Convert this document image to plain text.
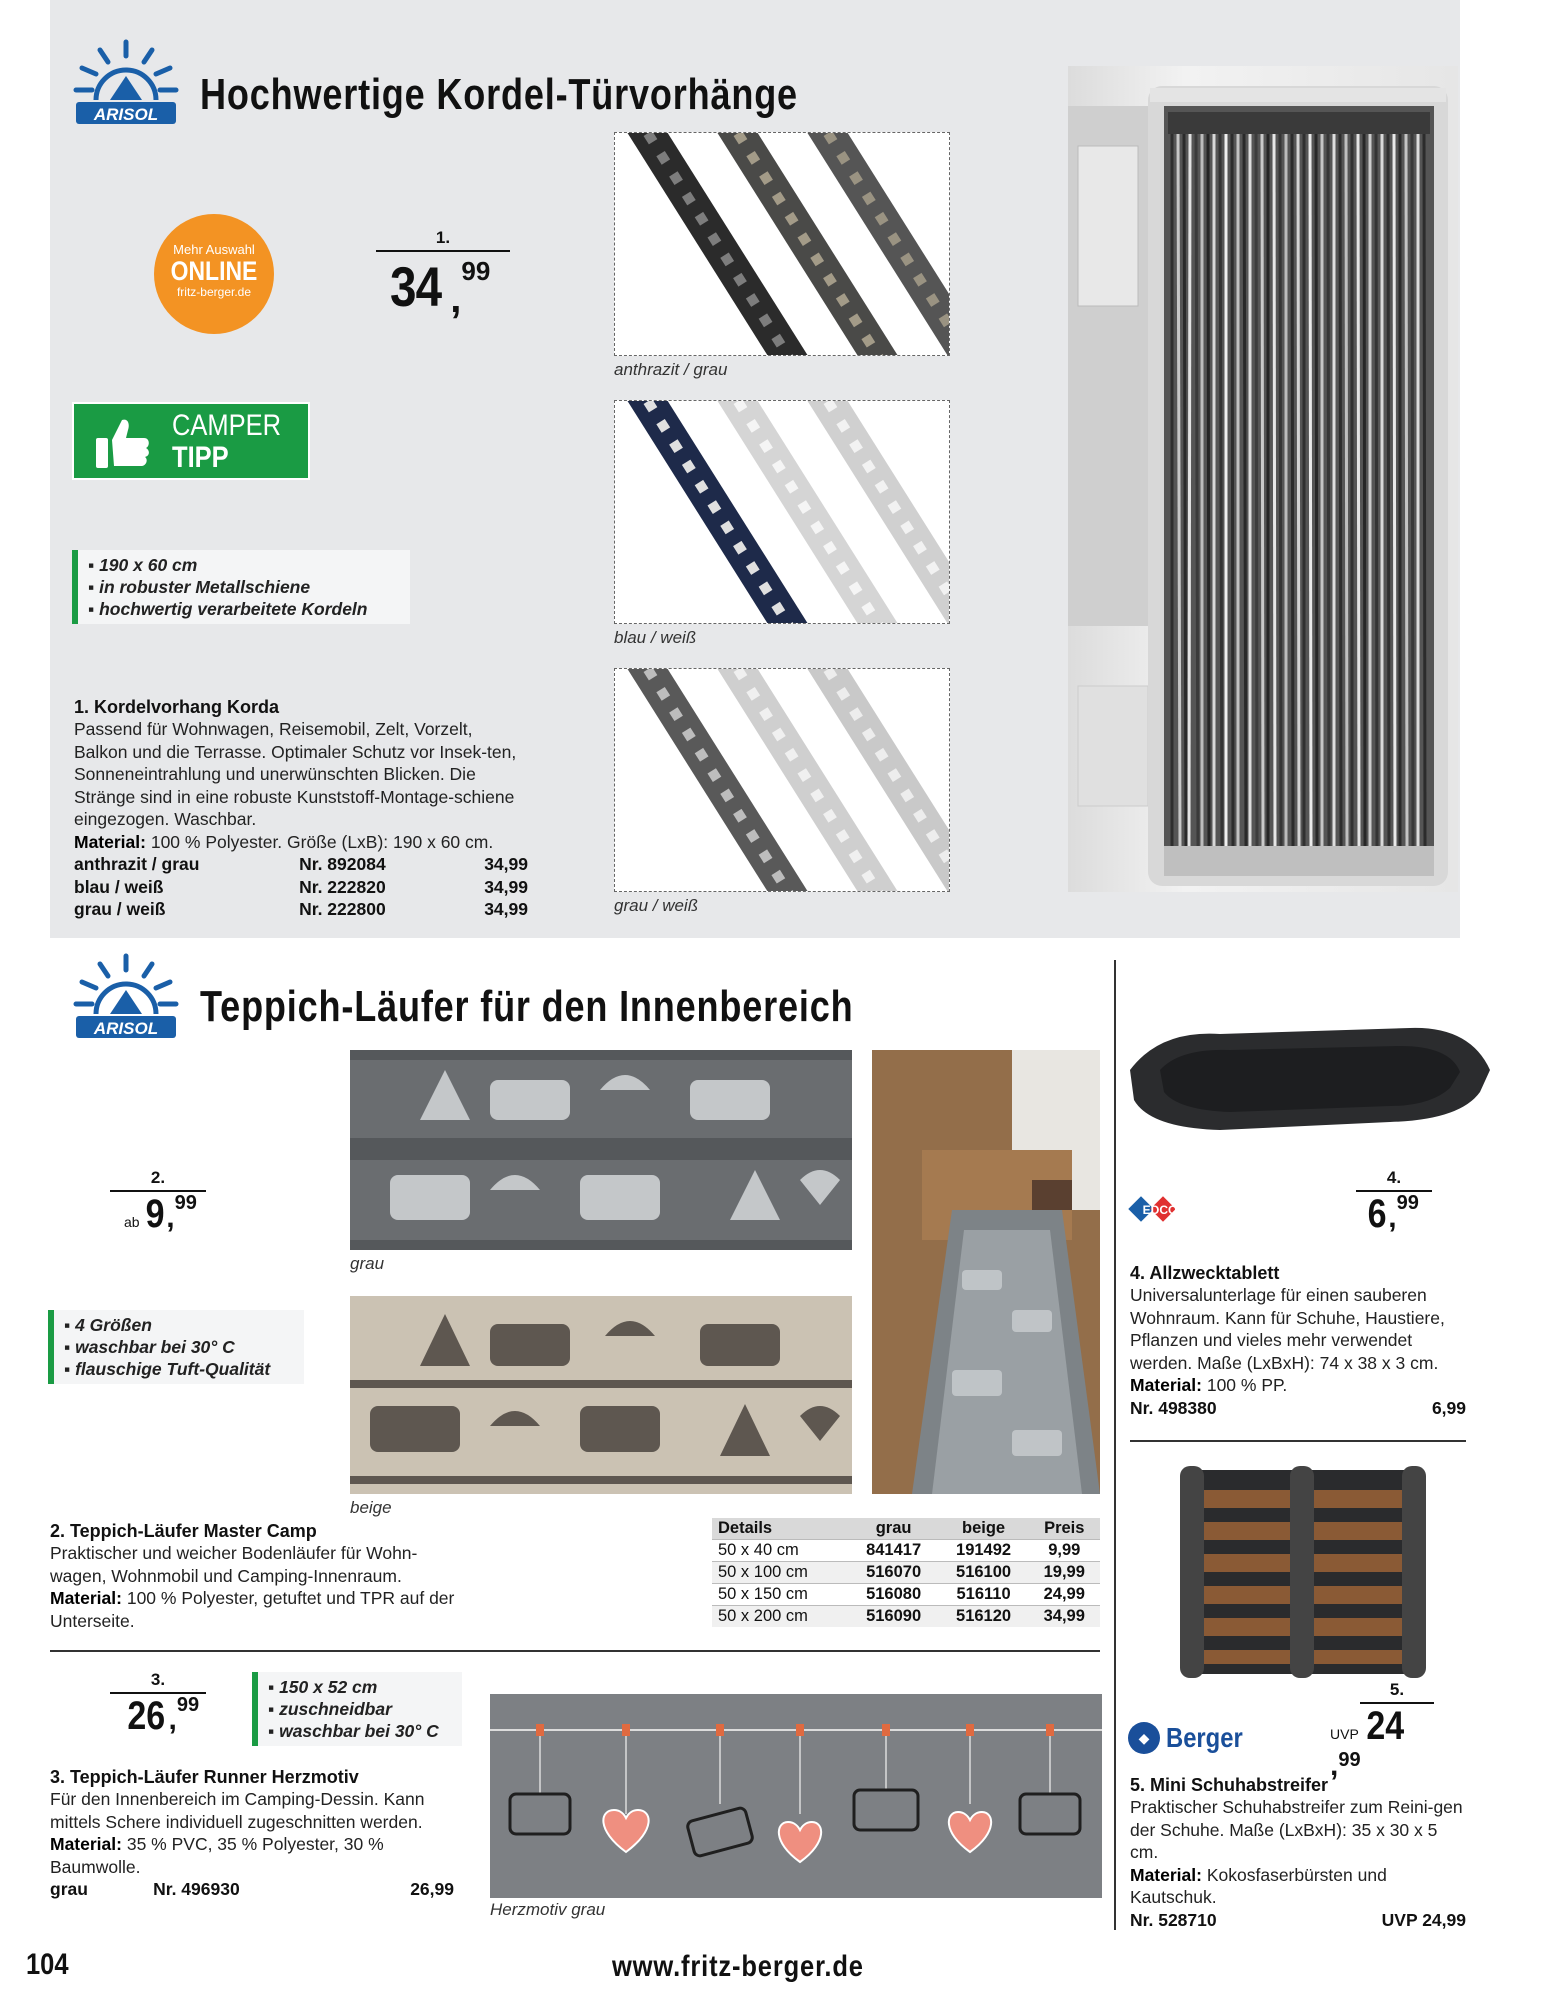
ARISOL Hochwertige Kordel-Türvorhänge
Mehr Auswahl
ONLINE
fritz-berger.de
1.
34 ,99
CAMPER
TIPP
▪ 190 x 60 cm
▪ in robuster Metallschiene
▪ hochwertig verarbeitete Kordeln
1. Kordelvorhang Korda
Passend für Wohnwagen, Reisemobil, Zelt, Vorzelt, Balkon und die Terrasse. Optimaler Schutz vor Insek-ten, Sonneneintrahlung und unerwünschten Blicken. Die Stränge sind in eine robuste Kunststoff-Montage-schiene eingezogen. Waschbar.
Material: 100 % Polyester. Größe (LxB): 190 x 60 cm.
anthrazit / grau	Nr. 892084	34,99
blau / weiß	Nr. 222820	34,99
grau / weiß	Nr. 222800	34,99
anthrazit / grau
blau / weiß
grau / weiß
ARISOL Teppich-Läufer für den Innenbereich
2.
ab 9,99
▪ 4 Größen
▪ waschbar bei 30° C
▪ flauschige Tuft-Qualität
grau
beige
2. Teppich-Läufer Master Camp
Praktischer und weicher Bodenläufer für Wohn-wagen, Wohnmobil und Camping-Innenraum.
Material: 100 % Polyester, getuftet und TPR auf der Unterseite.
Details	grau	beige	Preis
50 x 40 cm	841417	191492	9,99
50 x 100 cm	516070	516100	19,99
50 x 150 cm	516080	516110	24,99
50 x 200 cm	516090	516120	34,99
3.
26 ,99
▪ 150 x 52 cm
▪ zuschneidbar
▪ waschbar bei 30° C
3. Teppich-Läufer Runner Herzmotiv
Für den Innenbereich im Camping-Dessin. Kann mittels Schere individuell zugeschnitten werden.
Material: 35 % PVC, 35 % Polyester, 30 % Baumwolle.
grau	Nr. 496930	26,99
Herzmotiv grau
EDCO
4.
6,99
4. Allzwecktablett
Universalunterlage für einen sauberen Wohnraum. Kann für Schuhe, Haustiere, Pflanzen und vieles mehr verwendet werden. Maße (LxBxH): 74 x 38 x 3 cm.
Material: 100 % PP.
Nr. 498380	6,99
◆ Berger
5.
UVP 24,99
5. Mini Schuhabstreifer
Praktischer Schuhabstreifer zum Reini-gen der Schuhe. Maße (LxBxH): 35 x 30 x 5 cm.
Material: Kokosfaserbürsten und Kautschuk.
Nr. 528710	UVP 24,99
104	www.fritz-berger.de
